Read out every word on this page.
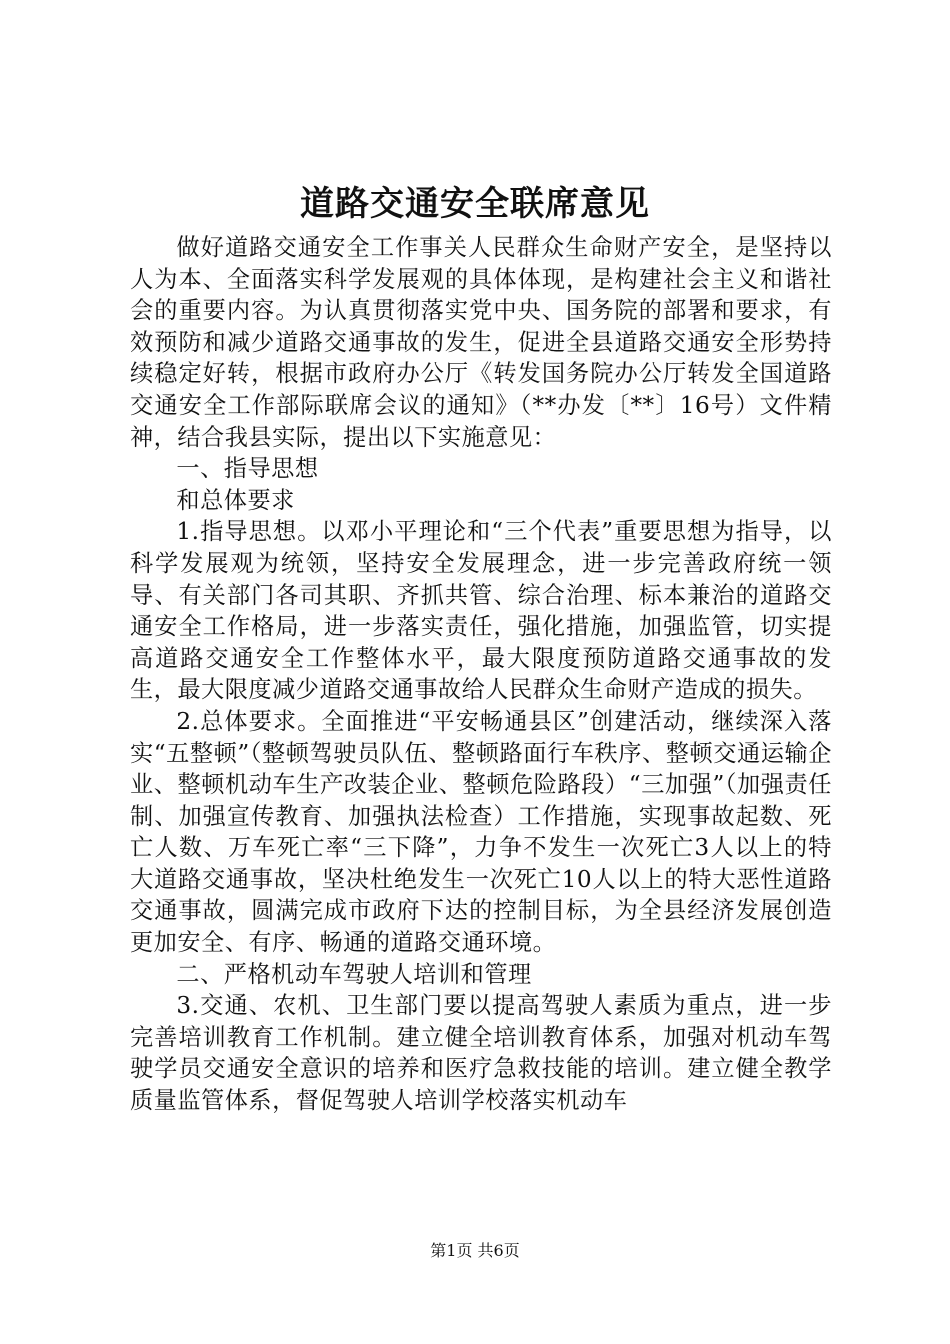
道路交通安全联席意见

做好道路交通安全工作事关人民群众生命财产安全，是坚持以人为本、全面落实科学发展观的具体体现，是构建社会主义和谐社会的重要内容。为认真贯彻落实党中央、国务院的部署和要求，有效预防和减少道路交通事故的发生，促进全县道路交通安全形势持续稳定好转，根据市政府办公厅《转发国务院办公厅转发全国道路交通安全工作部际联席会议的通知》（**办发〔**〕16号）文件精神，结合我县实际，提出以下实施意见：

一、指导思想

和总体要求

1.指导思想。以邓小平理论和“三个代表”重要思想为指导，以科学发展观为统领，坚持安全发展理念，进一步完善政府统一领导、有关部门各司其职、齐抓共管、综合治理、标本兼治的道路交通安全工作格局，进一步落实责任，强化措施，加强监管，切实提高道路交通安全工作整体水平，最大限度预防道路交通事故的发生，最大限度减少道路交通事故给人民群众生命财产造成的损失。

2.总体要求。全面推进“平安畅通县区”创建活动，继续深入落实“五整顿”（整顿驾驶员队伍、整顿路面行车秩序、整顿交通运输企业、整顿机动车生产改装企业、整顿危险路段）“三加强”（加强责任制、加强宣传教育、加强执法检查）工作措施，实现事故起数、死亡人数、万车死亡率“三下降”，力争不发生一次死亡3人以上的特大道路交通事故，坚决杜绝发生一次死亡10人以上的特大恶性道路交通事故，圆满完成市政府下达的控制目标，为全县经济发展创造更加安全、有序、畅通的道路交通环境。

二、严格机动车驾驶人培训和管理

3.交通、农机、卫生部门要以提高驾驶人素质为重点，进一步完善培训教育工作机制。建立健全培训教育体系，加强对机动车驾驶学员交通安全意识的培养和医疗急救技能的培训。建立健全教学质量监管体系，督促驾驶人培训学校落实机动车

第1页 共6页
